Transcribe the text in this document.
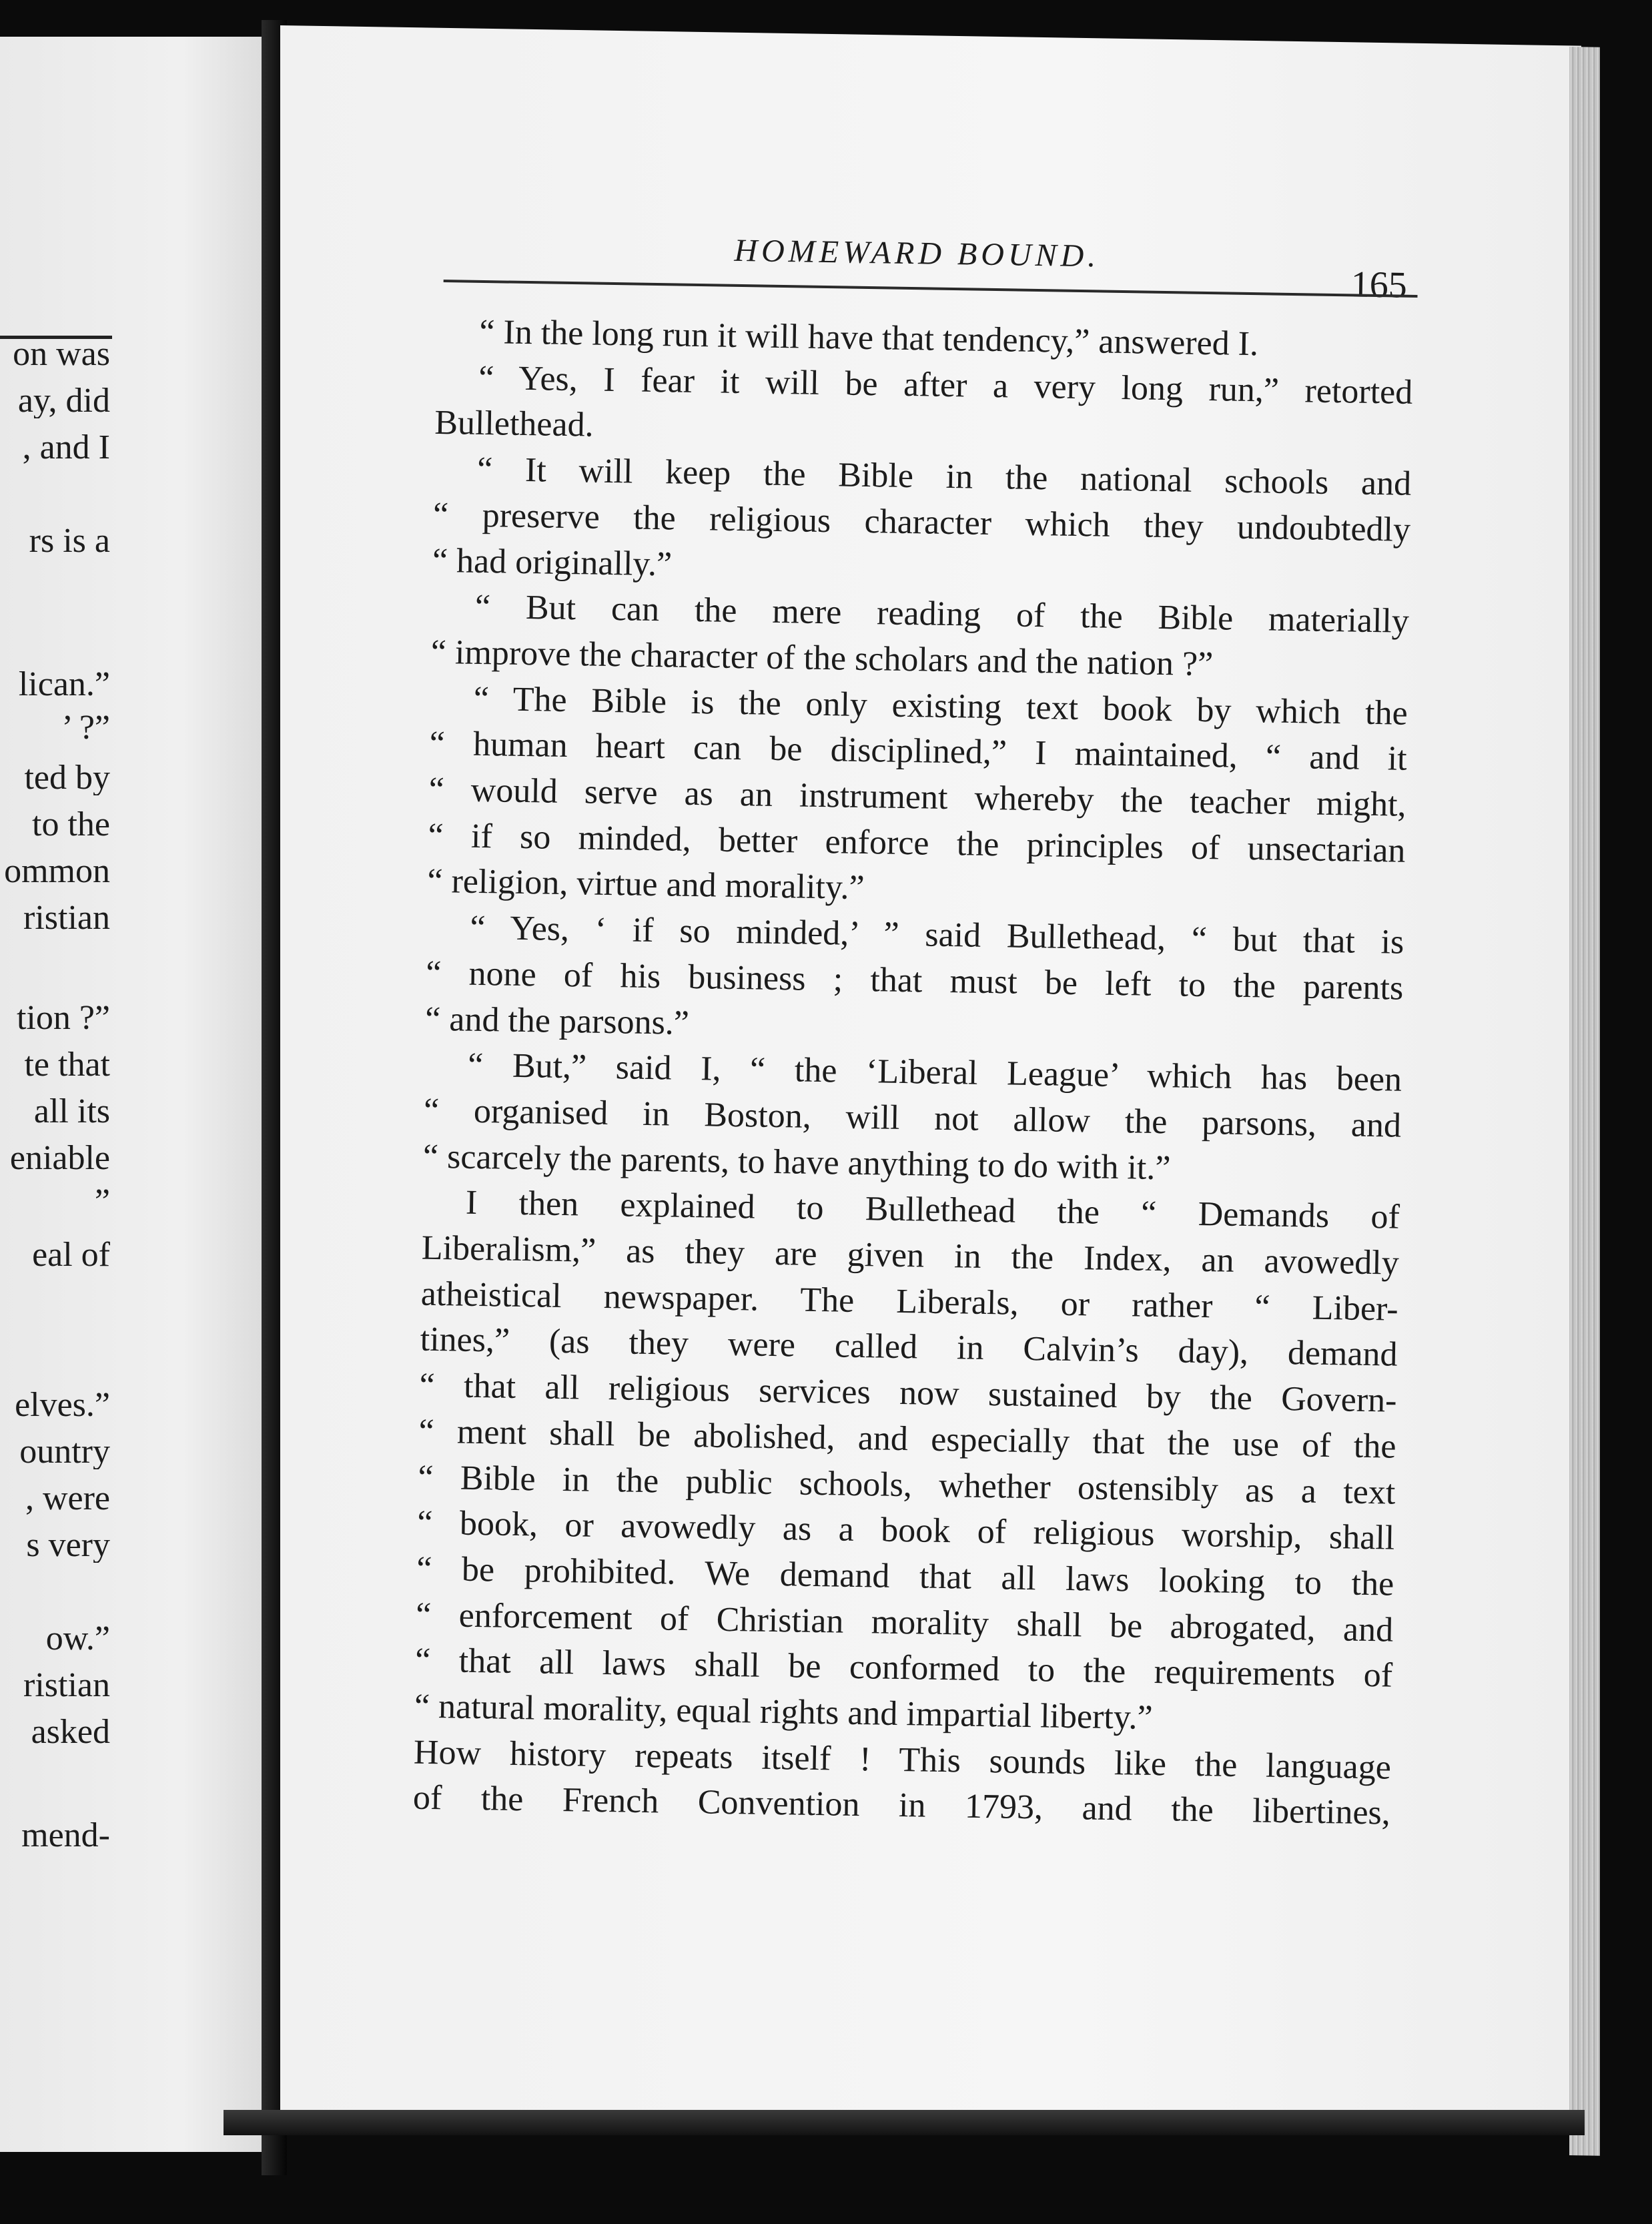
on was
ay, did
, and I
rs is a
lican.”
’ ?”
ted by
to the
ommon
ristian
tion ?”
te that
all its
eniable
”
eal of
elves.”
ountry
, were
s very
ow.”
ristian
asked
mend-
HOMEWARD BOUND.
165
“ In the long run it will have that tendency,” answered I.
“ Yes, I fear it will be after a very long run,” retorted
Bullethead.
“ It will keep the Bible in the national schools and
“ preserve the religious character which they undoubtedly
“ had originally.”
“ But can the mere reading of the Bible materially
“ improve the character of the scholars and the nation ?”
“ The Bible is the only existing text book by which the
“ human heart can be disciplined,” I maintained, “ and it
“ would serve as an instrument whereby the teacher might,
“ if so minded, better enforce the principles of unsectarian
“ religion, virtue and morality.”
“ Yes, ‘ if so minded,’ ” said Bullethead, “ but that is
“ none of his business ; that must be left to the parents
“ and the parsons.”
“ But,” said I, “ the ‘Liberal League’ which has been
“ organised in Boston, will not allow the parsons, and
“ scarcely the parents, to have anything to do with it.”
I then explained to Bullethead the “ Demands of
Liberalism,” as they are given in the Index, an avowedly
atheistical newspaper. The Liberals, or rather “ Liber-
tines,” (as they were called in Calvin’s day), demand
“ that all religious services now sustained by the Govern-
“ ment shall be abolished, and especially that the use of the
“ Bible in the public schools, whether ostensibly as a text
“ book, or avowedly as a book of religious worship, shall
“ be prohibited. We demand that all laws looking to the
“ enforcement of Christian morality shall be abrogated, and
“ that all laws shall be conformed to the requirements of
“ natural morality, equal rights and impartial liberty.”
How history repeats itself ! This sounds like the language
of the French Convention in 1793, and the libertines,
